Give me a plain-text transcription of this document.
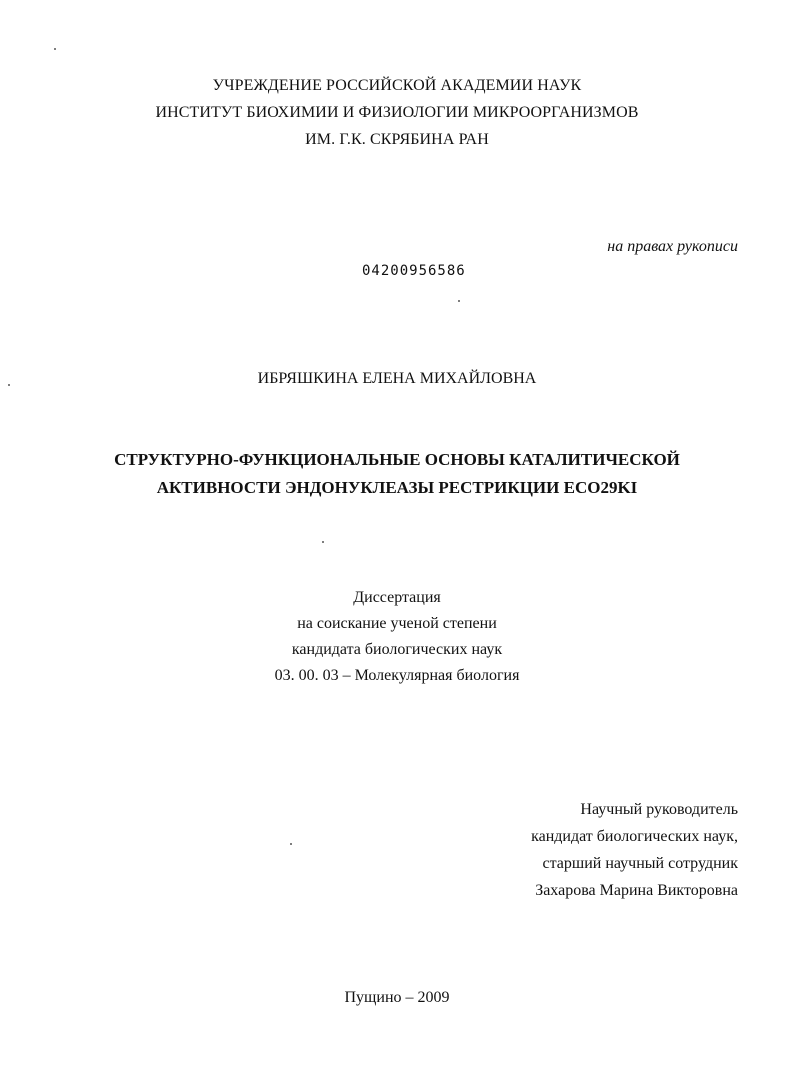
УЧРЕЖДЕНИЕ РОССИЙСКОЙ АКАДЕМИИ НАУК
ИНСТИТУТ БИОХИМИИ И ФИЗИОЛОГИИ МИКРООРГАНИЗМОВ
ИМ. Г.К. СКРЯБИНА РАН
на правах рукописи
04200956586
ИБРЯШКИНА ЕЛЕНА МИХАЙЛОВНА
СТРУКТУРНО-ФУНКЦИОНАЛЬНЫЕ ОСНОВЫ КАТАЛИТИЧЕСКОЙ
АКТИВНОСТИ ЭНДОНУКЛЕАЗЫ РЕСТРИКЦИИ ECO29KI
Диссертация
на соискание ученой степени
кандидата биологических наук
03. 00. 03 – Молекулярная биология
Научный руководитель
кандидат биологических наук,
старший научный сотрудник
Захарова Марина Викторовна
Пущино – 2009
